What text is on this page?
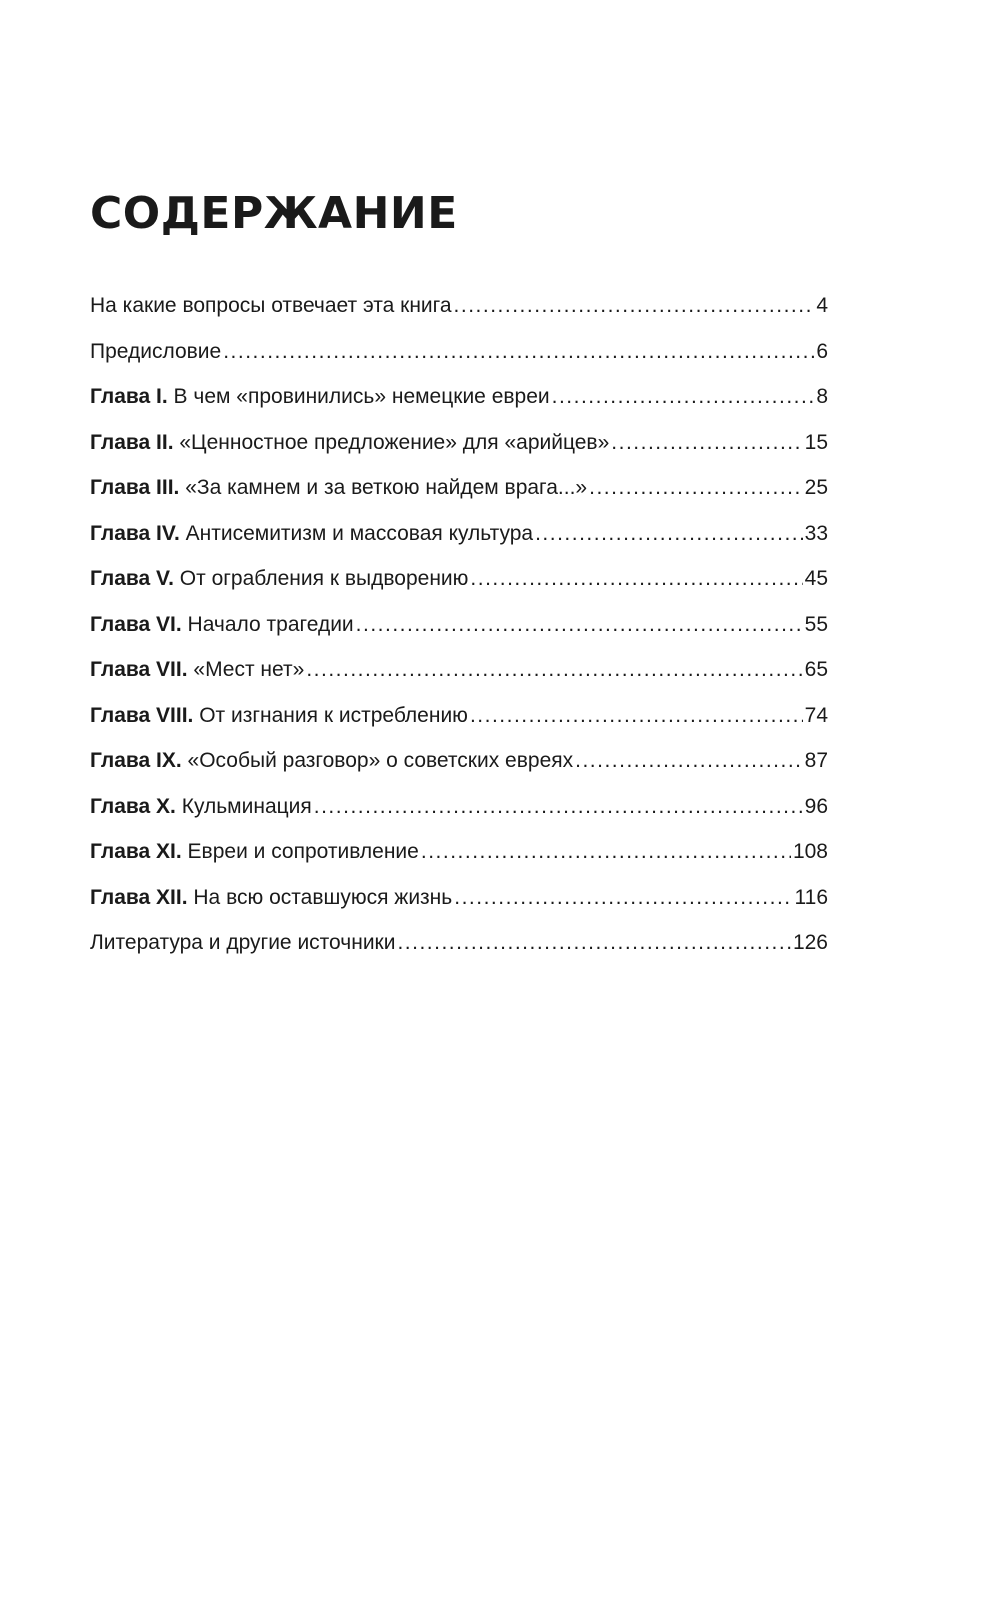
СОДЕРЖАНИЕ
На какие вопросы отвечает эта книга .....	4
Предисловие .....	6
Глава I. В чем «провинились» немецкие евреи .....	8
Глава II. «Ценностное предложение» для «арийцев» .....	15
Глава III. «За камнем и за веткою найдем врага...» .....	25
Глава IV. Антисемитизм и массовая культура .....	33
Глава V. От ограбления к выдворению .....	45
Глава VI. Начало трагедии .....	55
Глава VII. «Мест нет» .....	65
Глава VIII. От изгнания к истреблению .....	74
Глава IX. «Особый разговор» о советских евреях .....	87
Глава X. Кульминация .....	96
Глава XI. Евреи и сопротивление .....	108
Глава XII. На всю оставшуюся жизнь .....	116
Литература и другие источники .....	126
